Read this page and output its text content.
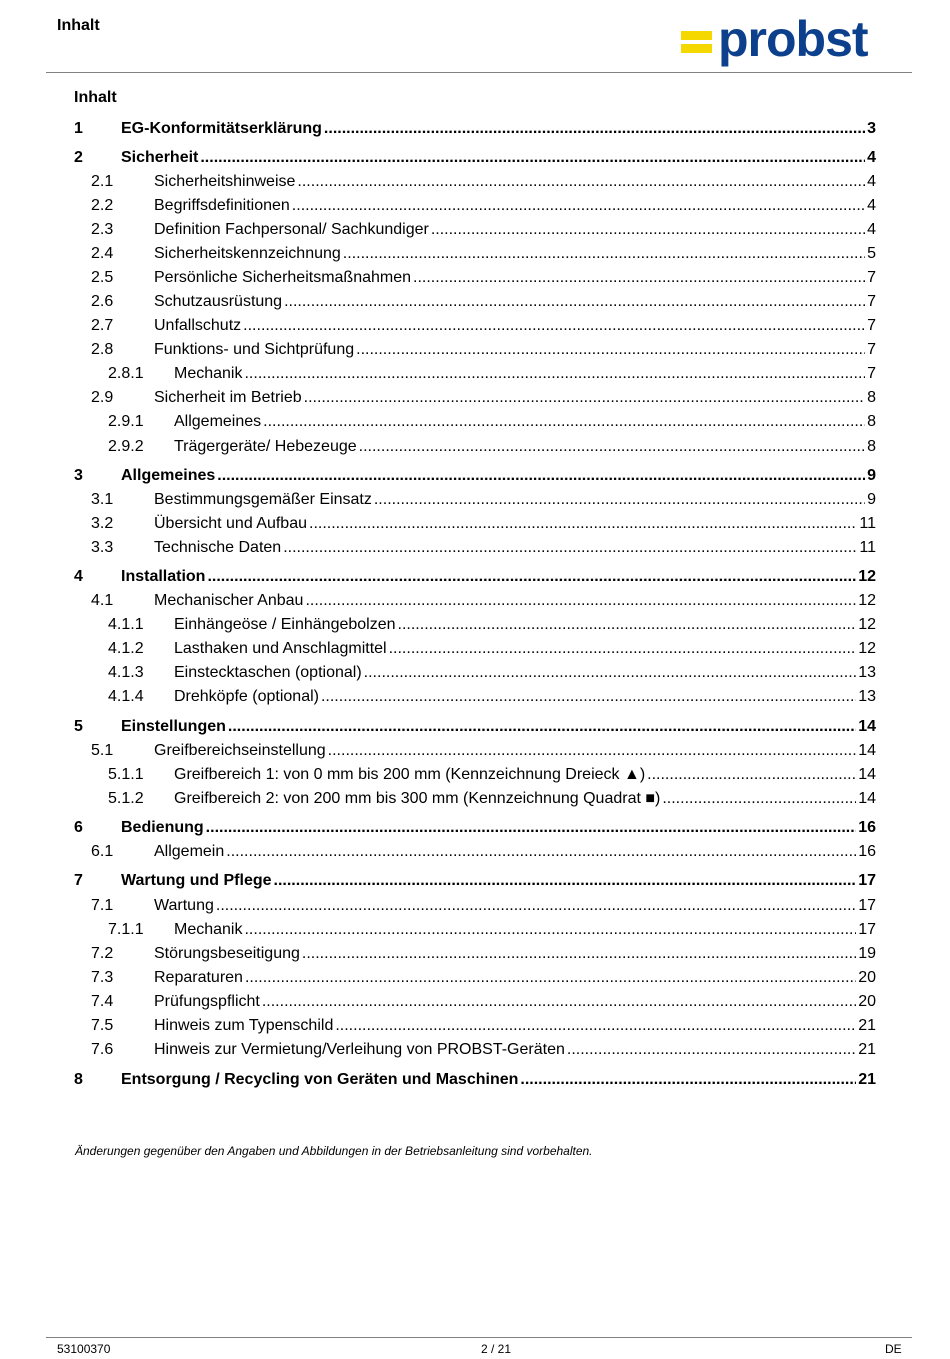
Inhalt	probst
Inhalt
1	EG-Konformitätserklärung .....	3
2	Sicherheit .....	4
2.1	Sicherheitshinweise .....	4
2.2	Begriffsdefinitionen .....	4
2.3	Definition Fachpersonal/ Sachkundiger .....	4
2.4	Sicherheitskennzeichnung .....	5
2.5	Persönliche Sicherheitsmaßnahmen .....	7
2.6	Schutzausrüstung .....	7
2.7	Unfallschutz .....	7
2.8	Funktions- und Sichtprüfung .....	7
2.8.1	Mechanik .....	7
2.9	Sicherheit im Betrieb .....	8
2.9.1	Allgemeines .....	8
2.9.2	Trägergeräte/ Hebezeuge .....	8
3	Allgemeines .....	9
3.1	Bestimmungsgemäßer Einsatz .....	9
3.2	Übersicht und Aufbau .....	11
3.3	Technische Daten .....	11
4	Installation .....	12
4.1	Mechanischer Anbau .....	12
4.1.1	Einhängeöse / Einhängebolzen .....	12
4.1.2	Lasthaken und Anschlagmittel .....	12
4.1.3	Einstecktaschen (optional) .....	13
4.1.4	Drehköpfe (optional) .....	13
5	Einstellungen .....	14
5.1	Greifbereichseinstellung .....	14
5.1.1	Greifbereich 1: von 0 mm bis 200 mm (Kennzeichnung Dreieck ▲) .....	14
5.1.2	Greifbereich 2: von 200 mm bis 300 mm (Kennzeichnung Quadrat ■) .....	14
6	Bedienung .....	16
6.1	Allgemein .....	16
7	Wartung und Pflege .....	17
7.1	Wartung .....	17
7.1.1	Mechanik .....	17
7.2	Störungsbeseitigung .....	19
7.3	Reparaturen .....	20
7.4	Prüfungspflicht .....	20
7.5	Hinweis zum Typenschild .....	21
7.6	Hinweis zur Vermietung/Verleihung von PROBST-Geräten .....	21
8	Entsorgung / Recycling von Geräten und Maschinen .....	21
Änderungen gegenüber den Angaben und Abbildungen in der Betriebsanleitung sind vorbehalten.
53100370	2 / 21	DE
